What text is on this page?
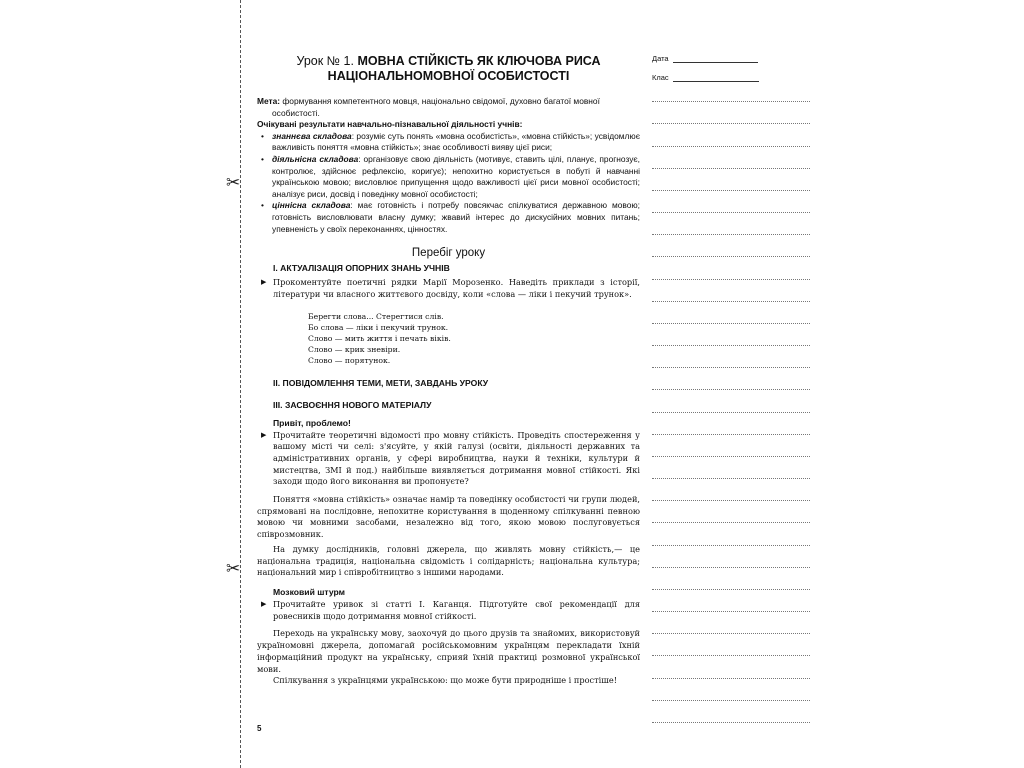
✂
✂

Урок № 1. МОВНА СТІЙКІСТЬ ЯК КЛЮЧОВА РИСА
НАЦІОНАЛЬНОМОВНОЇ ОСОБИСТОСТІ

Мета: формування компетентного мовця, національно свідомої, духовно багатої мовної
особистості.
Очікувані результати навчально-пізнавальної діяльності учнів:
• знаннєва складова: розуміє суть понять «мовна особистість», «мовна стійкість»; усвідомлює важливість поняття «мовна стійкість»; знає особливості вияву цієї риси;
• діяльнісна складова: організовує свою діяльність (мотивує, ставить цілі, планує, прогнозує, контролює, здійснює рефлексію, коригує); непохитно користується в побуті й навчанні українською мовою; висловлює припущення щодо важливості цієї риси мовної особистості; аналізує риси, досвід і поведінку мовної особистості;
• ціннісна складова: має готовність і потребу повсякчас спілкуватися державною мовою; готовність висловлювати власну думку; жвавий інтерес до дискусійних мовних питань; упевненість у своїх переконаннях, цінностях.
Перебіг уроку

І. АКТУАЛІЗАЦІЯ ОПОРНИХ ЗНАНЬ УЧНІВ

▶ Прокоментуйте поетичні рядки Марії Морозенко. Наведіть приклади з історії, літератури чи власного життєвого досвіду, коли «слова — ліки і пекучий трунок».
Берегти слова... Стерегтися слів.
Бо слова — ліки і пекучий трунок.
Слово — мить життя і печать віків.
Слово — крик зневіри.
Слово — порятунок.

ІІ. ПОВІДОМЛЕННЯ ТЕМИ, МЕТИ, ЗАВДАНЬ УРОКУ

ІІІ. ЗАСВОЄННЯ НОВОГО МАТЕРІАЛУ

Привіт, проблемо!

▶ Прочитайте теоретичні відомості про мовну стійкість. Проведіть спостереження у вашому місті чи селі: з'ясуйте, у якій галузі (освіти, діяльності державних та адміністративних органів, у сфері виробництва, науки й техніки, культури й мистецтва, ЗМІ й под.) найбільше виявляється дотримання мовної стійкості. Які заходи щодо його виконання ви пропонуєте?

Поняття «мовна стійкість» означає намір та поведінку особистості чи групи людей, спрямовані на послідовне, непохитне користування в щоденному спілкуванні певною мовою чи мовними засобами, незалежно від того, якою мовою послуговується співрозмовник.

На думку дослідників, головні джерела, що живлять мовну стійкість,— це національна традиція, національна свідомість і солідарність; національна культура; національний мир і співробітництво з іншими народами.

Мозковий штурм

▶ Прочитайте уривок зі статті І. Каганця. Підготуйте свої рекомендації для ровесників щодо дотримання мовної стійкості.

Переходь на українську мову, заохочуй до цього друзів та знайомих, використовуй україномовні джерела, допомагай російськомовним українцям перекладати їхній інформаційний продукт на українську, сприяй їхній практиці розмовної української мови.

Спілкування з українцями українською: що може бути природніше і простіше!

5
Дата
Клас
